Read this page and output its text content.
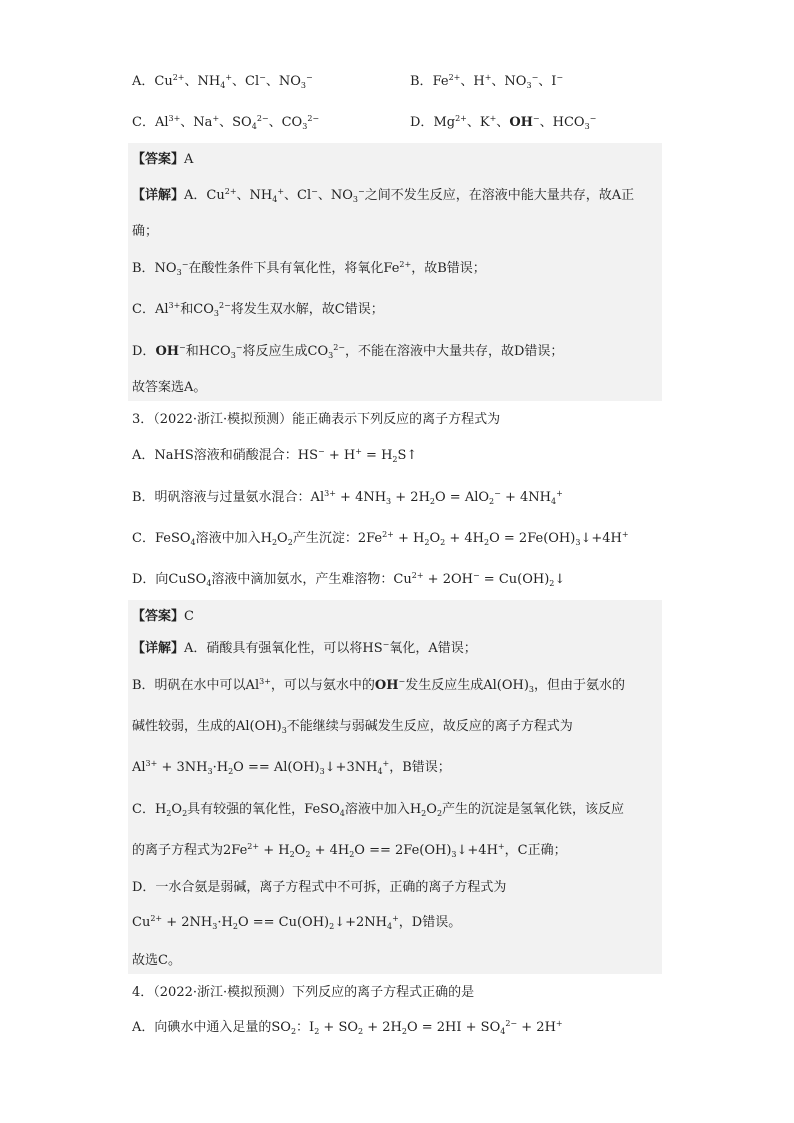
A．$Cu^{2+}$、$NH_4^+$、Cl−、$NO_3^-$	B．$Fe^{2+}$、H+、$NO_3^-$、I−
C．$Al^{3+}$、Na+、$SO_4^{2-}$、$CO_3^{2-}$	D．$Mg^{2+}$、K+、OH−、$HCO_3^-$
【答案】A
【详解】A．$Cu^{2+}$、$NH_4^+$、Cl−、$NO_3^-$之间不发生反应，在溶液中能大量共存，故A正
确；
B．$NO_3^-$在酸性条件下具有氧化性，将氧化$Fe^{2+}$，故B错误；
C．$Al^{3+}$和$CO_3^{2-}$将发生双水解，故C错误；
D．OH−和$HCO_3^-$将反应生成$CO_3^{2-}$，不能在溶液中大量共存，故D错误；
故答案选A。
3．（2022·浙江·模拟预测）能正确表示下列反应的离子方程式为
A．NaHS溶液和硝酸混合：$HS^- + H^+ = H_2S↑$
B．明矾溶液与过量氨水混合：$Al^{3+} + 4NH_3 + 2H_2O = AlO_2^- + 4NH_4^+$
C．FeSO$_4$溶液中加入$H_2O_2$产生沉淀：$2Fe^{2+} + H_2O_2 + 4H_2O$ = $2Fe(OH)_3↓+4H^+$
D．向CuSO$_4$溶液中滴加氨水，产生难溶物：$Cu^{2+} + 2OH^-$ = $Cu(OH)_2↓$
【答案】C
【详解】A．硝酸具有强氧化性，可以将HS−氧化，A错误；
B．明矾在水中可以$Al^{3+}$，可以与氨水中的OH−发生反应生成$Al(OH)_3$，但由于氨水的
碱性较弱，生成的$Al(OH)_3$不能继续与弱碱发生反应，故反应的离子方程式为
$Al^{3+} + 3NH_3\cdot H_2O$ == $Al(OH)_3↓+3NH_4^+$，B错误；
C．$H_2O_2$具有较强的氧化性，FeSO$_4$溶液中加入$H_2O_2$产生的沉淀是氢氧化铁，该反应
的离子方程式为$2Fe^{2+} + H_2O_2 + 4H_2O$ == $2Fe(OH)_3↓+4H^+$，C正确；
D．一水合氨是弱碱，离子方程式中不可拆，正确的离子方程式为
$Cu^{2+} + 2NH_3\cdot H_2O$ == $Cu(OH)_2↓+2NH_4^+$，D错误。
故选C。
4．（2022·浙江·模拟预测）下列反应的离子方程式正确的是
A．向碘水中通入足量的$SO_2$：$I_2 + SO_2 + 2H_2O = 2HI + SO_4^{2-} + 2H^+$
